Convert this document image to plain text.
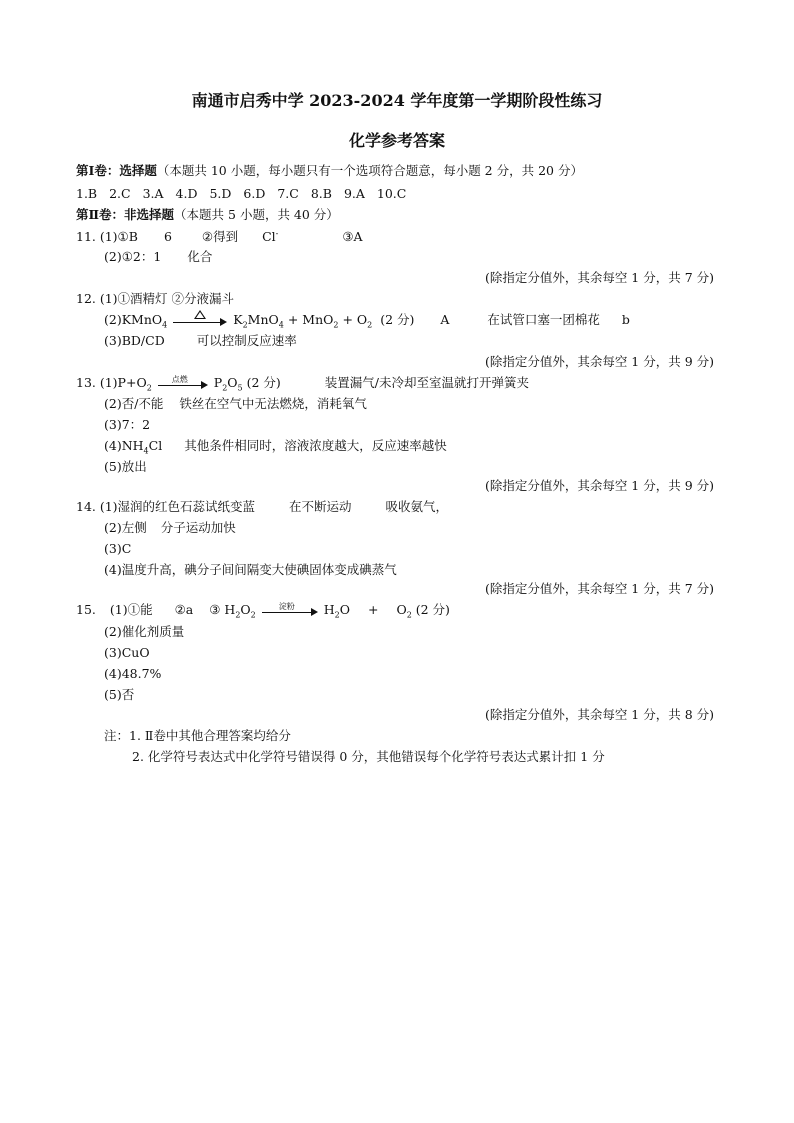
南通市启秀中学 2023-2024 学年度第一学期阶段性练习
化学参考答案
第Ⅰ卷：选择题（本题共 10 小题，每小题只有一个选项符合题意，每小题 2 分，共 20 分）
1.B 2.C 3.A 4.D 5.D 6.D 7.C 8.B 9.A 10.C
第Ⅱ卷：非选择题（本题共 5 小题，共 40 分）
11. (1)①B 6 ②得到 Cl-	③A
(2)①2：1 化合
(除指定分值外，其余每空 1 分，共 7 分)
12. (1)①酒精灯 ②分液漏斗
(2)KMnO$_4$	$K_2MnO_4 + MnO_2 + O_2$ (2 分) A	在试管口塞一团棉花 b
(3)BD/CD	可以控制反应速率
(除指定分值外，其余每空 1 分，共 9 分)
13. $(1)P+O_2$
点燃	$P_2O_5$ (2 分)	装置漏气/未冷却至室温就打开弹簧夹
(2)否/不能 铁丝在空气中无法燃烧，消耗氧气
(3)7：2
$(4)NH_4Cl$ 其他条件相同时，溶液浓度越大，反应速率越快
(5)放出
(除指定分值外，其余每空 1 分，共 9 分)
14. (1)湿润的红色石蕊试纸变蓝	在不断运动	吸收氨气，
(2)左侧 分子运动加快
(3)C
(4)温度升高，碘分子间间隔变大使碘固体变成碘蒸气
(除指定分值外，其余每空 1 分，共 7 分)
15. (1)①能 ②a ③ $H_2O_2$
淀粉	$H_2O + O_2$ (2 分)
(2)催化剂质量
(3)CuO
(4)48.7%
(5)否
(除指定分值外，其余每空 1 分，共 8 分)
注：1. Ⅱ卷中其他合理答案均给分
2. 化学符号表达式中化学符号错误得 0 分，其他错误每个化学符号表达式累计扣 1 分
